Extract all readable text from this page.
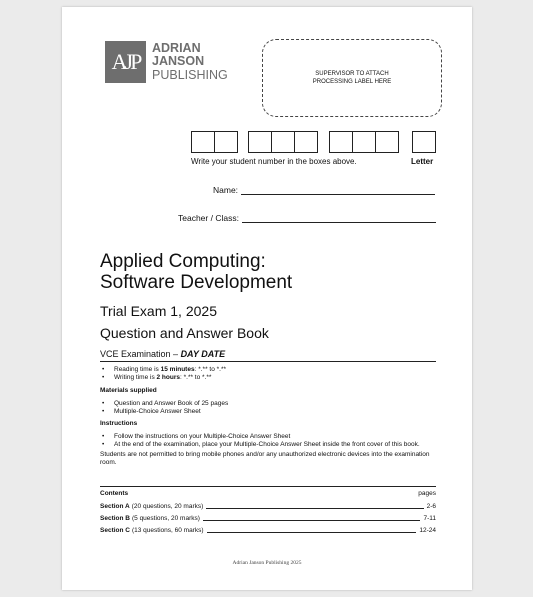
AJP
ADRIAN
JANSON
PUBLISHING	SUPERVISOR TO ATTACH
PROCESSING LABEL HERE
Write your student number in the boxes above.	Letter
Name:
Teacher / Class:
Applied Computing:
Software Development
Trial Exam 1, 2025
Question and Answer Book
VCE Examination – DAY DATE
• Reading time is 15 minutes: *.** to *.**
• Writing time is 2 hours: *.** to *.**
Materials supplied
• Question and Answer Book of 25 pages
• Multiple-Choice Answer Sheet
Instructions
• Follow the instructions on your Multiple-Choice Answer Sheet
• At the end of the examination, place your Multiple-Choice Answer Sheet inside the front cover of this book.
Students are not permitted to bring mobile phones and/or any unauthorized electronic devices into the examination room.
Contents	pages
Section A (20 questions, 20 marks)	2-6
Section B (5 questions, 20 marks)	7-11
Section C (13 questions, 60 marks)	12-24
Adrian Janson Publishing 2025
